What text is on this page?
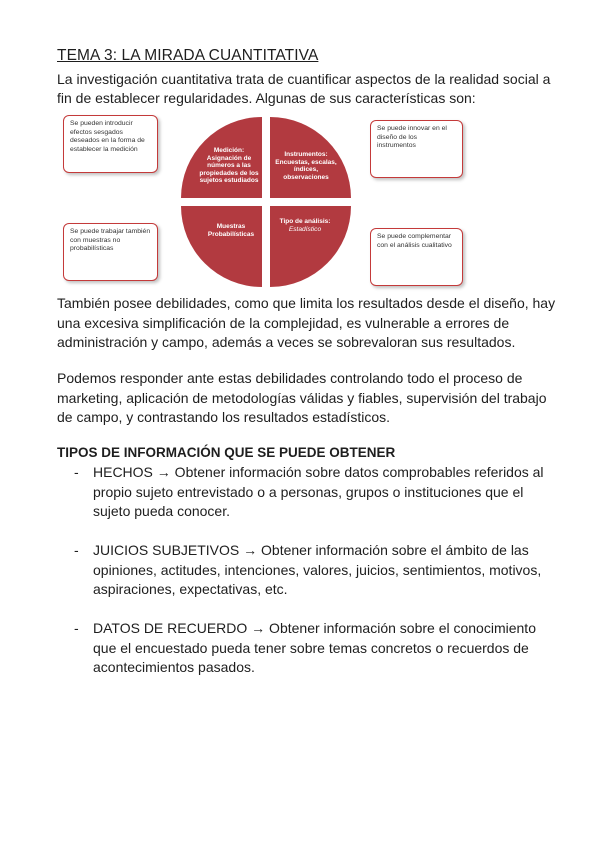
TEMA 3: LA MIRADA CUANTITATIVA

La investigación cuantitativa trata de cuantificar aspectos de la realidad social a fin de establecer regularidades. Algunas de sus características son:

Se pueden introducir efectos sesgados deseados en la forma de establecer la medición
Se puede innovar en el diseño de los instrumentos
Se puede trabajar también con muestras no probabilísticas
Se puede complementar con el análisis cualitativo
Medición:
Asignación de números a las propiedades de los sujetos estudiados
Instrumentos:
Encuestas, escalas, índices, observaciones
Muestras Probabilísticas
Tipo de análisis:
Estadístico

También posee debilidades, como que limita los resultados desde el diseño, hay una excesiva simplificación de la complejidad, es vulnerable a errores de administración y campo, además a veces se sobrevaloran sus resultados.

Podemos responder ante estas debilidades controlando todo el proceso de marketing, aplicación de metodologías válidas y fiables, supervisión del trabajo de campo, y contrastando los resultados estadísticos.

TIPOS DE INFORMACIÓN QUE SE PUEDE OBTENER
- HECHOS → Obtener información sobre datos comprobables referidos al propio sujeto entrevistado o a personas, grupos o instituciones que el sujeto pueda conocer.
- JUICIOS SUBJETIVOS → Obtener información sobre el ámbito de las opiniones, actitudes, intenciones, valores, juicios, sentimientos, motivos, aspiraciones, expectativas, etc.
- DATOS DE RECUERDO → Obtener información sobre el conocimiento que el encuestado pueda tener sobre temas concretos o recuerdos de acontecimientos pasados.
